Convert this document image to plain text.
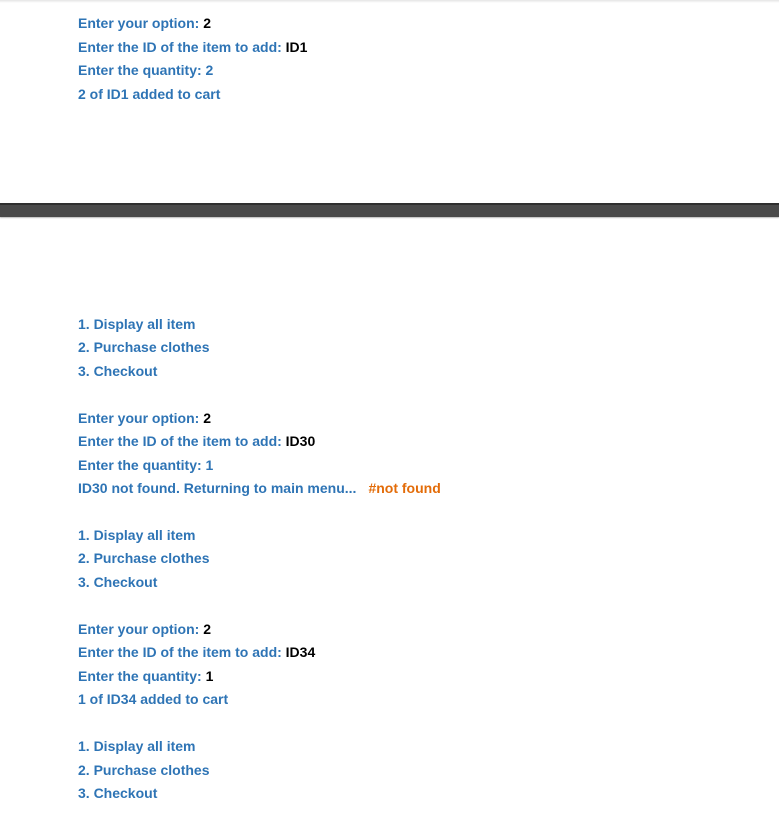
Enter your option: 2
Enter the ID of the item to add: ID1
Enter the quantity: 2
2 of ID1 added to cart
1. Display all item
2. Purchase clothes
3. Checkout
Enter your option: 2
Enter the ID of the item to add: ID30
Enter the quantity: 1
ID30 not found. Returning to main menu... #not found
1. Display all item
2. Purchase clothes
3. Checkout
Enter your option: 2
Enter the ID of the item to add: ID34
Enter the quantity: 1
1 of ID34 added to cart
1. Display all item
2. Purchase clothes
3. Checkout
